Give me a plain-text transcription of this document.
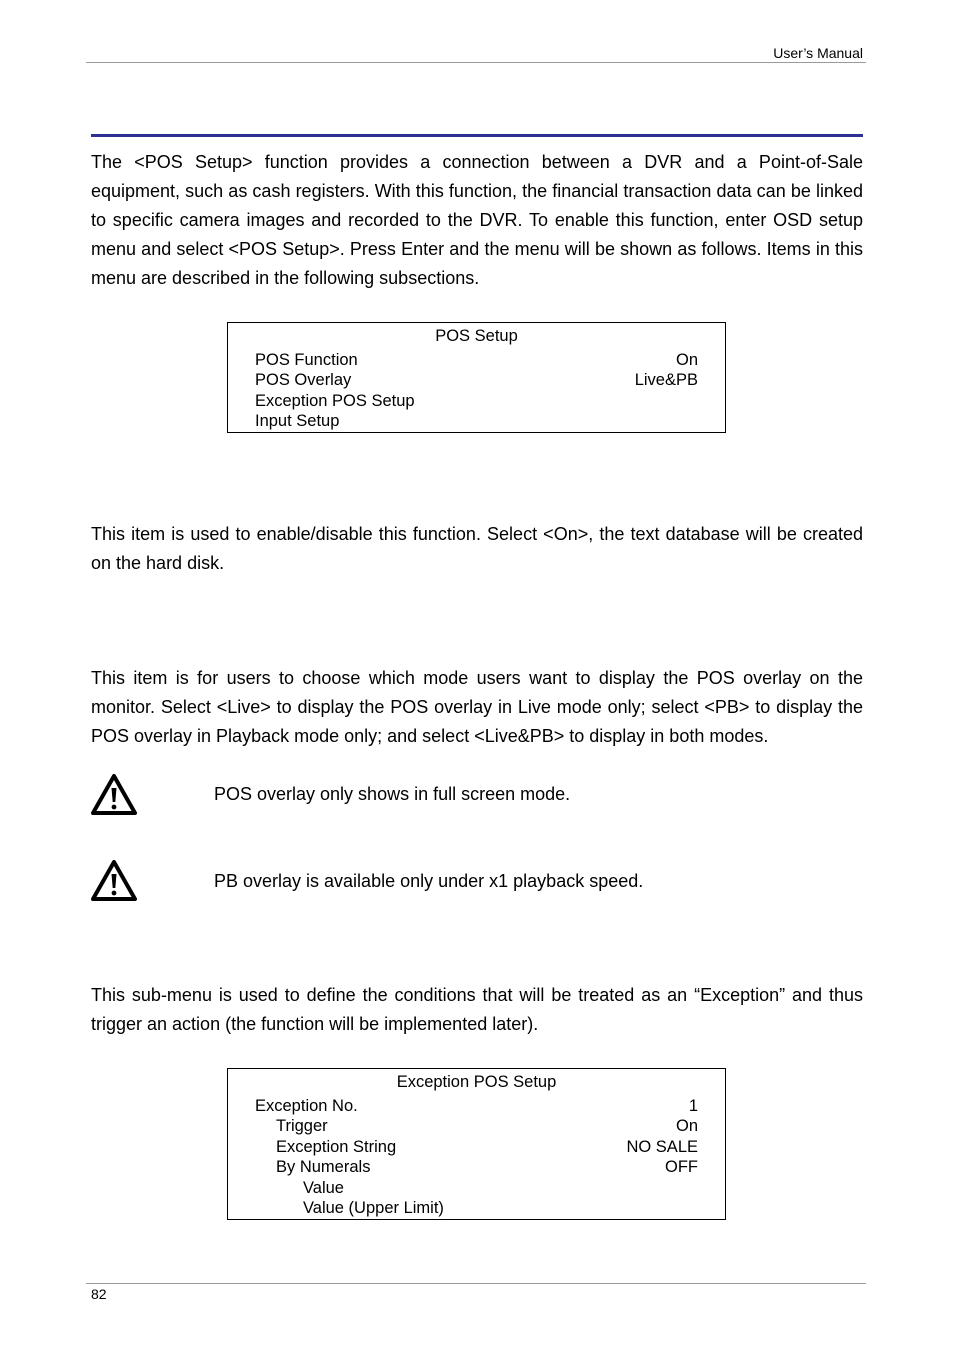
User’s Manual

The <POS Setup> function provides a connection between a DVR and a Point-of-Sale equipment, such as cash registers. With this function, the financial transaction data can be linked to specific camera images and recorded to the DVR. To enable this function, enter OSD setup menu and select <POS Setup>. Press Enter and the menu will be shown as follows. Items in this menu are described in the following subsections.

POS Setup
POS Function	On
POS Overlay	Live&PB
Exception POS Setup
Input Setup

This item is used to enable/disable this function. Select <On>, the text database will be created on the hard disk.

This item is for users to choose which mode users want to display the POS overlay on the monitor. Select <Live> to display the POS overlay in Live mode only; select <PB> to display the POS overlay in Playback mode only; and select <Live&PB> to display in both modes.

POS overlay only shows in full screen mode.
PB overlay is available only under x1 playback speed.

This sub-menu is used to define the conditions that will be treated as an “Exception” and thus trigger an action (the function will be implemented later).

Exception POS Setup
Exception No.	1
Trigger	On
Exception String	NO SALE
By Numerals	OFF
Value
Value (Upper Limit)
82
